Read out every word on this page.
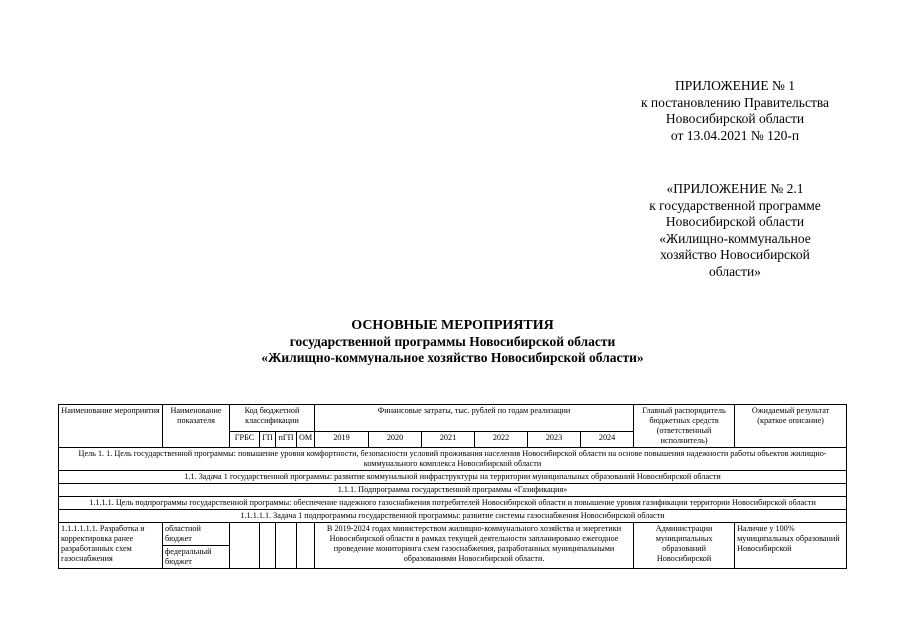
ПРИЛОЖЕНИЕ № 1
к постановлению Правительства
Новосибирской области
от 13.04.2021 № 120-п
«ПРИЛОЖЕНИЕ № 2.1
к государственной программе
Новосибирской области
«Жилищно-коммунальное
хозяйство Новосибирской
области»
ОСНОВНЫЕ МЕРОПРИЯТИЯ
государственной программы Новосибирской области
«Жилищно-коммунальное хозяйство Новосибирской области»
Наименование мероприятия	Наименование показателя	Код бюджетной классификации				Финансовые затраты, тыс. рублей по годам реализации						Главный распорядитель бюджетных средств (ответственный исполнитель)	Ожидаемый результат (краткое описание)
		ГРБС	ГП	пГП	ОМ	2019	2020	2021	2022	2023	2024		
Цель 1. 1. Цель государственной программы: повышение уровня комфортности, безопасности условий проживания населения Новосибирской области на основе повышения надежности работы объектов жилищно-коммунального комплекса Новосибирской области													
1.1. Задача 1 государственной программы: развитие коммунальной инфраструктуры на территории муниципальных образований Новосибирской области													
1.1.1. Подпрограмма государственной программы «Газификация»													
1.1.1.1. Цель подпрограммы государственной программы: обеспечение надежного газоснабжения потребителей Новосибирской области и повышение уровня газификации территории Новосибирской области													
1.1.1.1.1. Задача 1 подпрограммы государственной программы: развитие системы газоснабжения Новосибирской области													
1.1.1.1.1.1. Разработка и корректировка ранее разработанных схем газоснабжения	областной бюджет					В 2019-2024 годах министерством жилищно-коммунального хозяйства и энергетики Новосибирской области в рамках текущей деятельности запланировано ежегодное проведение мониторинга схем газоснабжения, разработанных муниципальными образованиями Новосибирской области.						Администрации муниципальных образований Новосибирской	Наличие у 100% муниципальных образований Новосибирской
	федеральный бюджет												
